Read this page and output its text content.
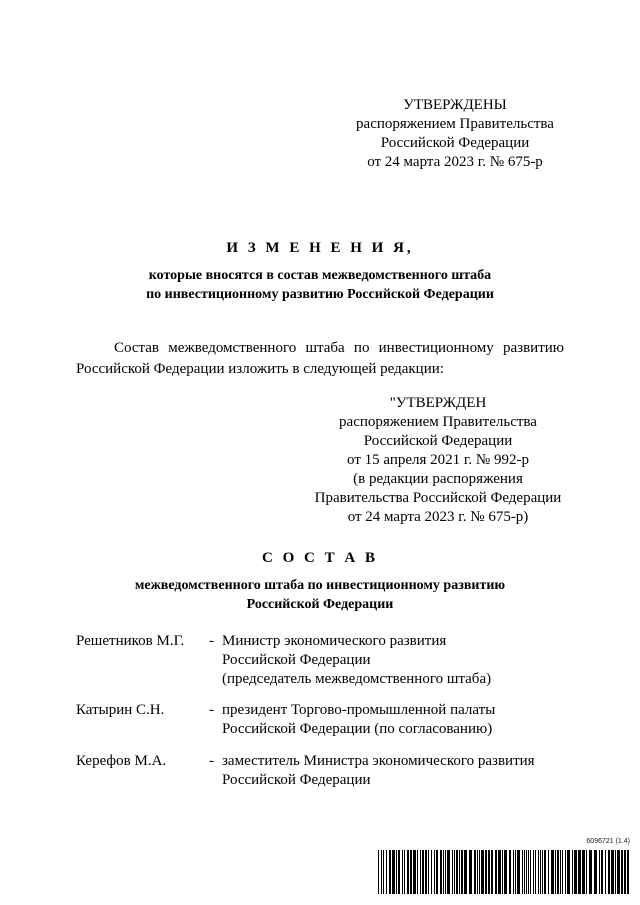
УТВЕРЖДЕНЫ
распоряжением Правительства
Российской Федерации
от 24 марта 2023 г. № 675-р
И З М Е Н Е Н И Я,
которые вносятся в состав межведомственного штаба
по инвестиционному развитию Российской Федерации
Состав межведомственного штаба по инвестиционному развитию
Российской Федерации изложить в следующей редакции:
"УТВЕРЖДЕН
распоряжением Правительства
Российской Федерации
от 15 апреля 2021 г. № 992-р
(в редакции распоряжения
Правительства Российской Федерации
от 24 марта 2023 г. № 675-р)
С О С Т А В
межведомственного штаба по инвестиционному развитию
Российской Федерации
Решетников М.Г. - Министр экономического развития
Российской Федерации
(председатель межведомственного штаба)
Катырин С.Н.	- президент Торгово-промышленной палаты
Российской Федерации (по согласованию)
Керефов М.А.	- заместитель Министра экономического развития
Российской Федерации
6096721 (1.4)
